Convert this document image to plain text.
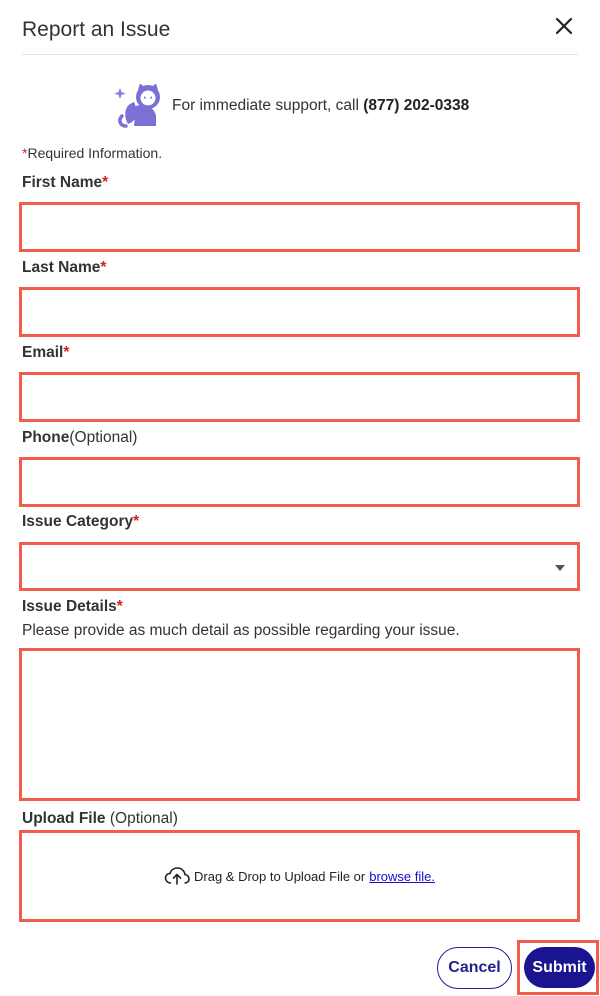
Report an Issue
For immediate support, call (877) 202-0338
*Required Information.
First Name*
Last Name*
Email*
Phone(Optional)
Issue Category*
Issue Details*
Please provide as much detail as possible regarding your issue.
Upload File (Optional)
Drag & Drop to Upload File or browse file.
Cancel	Submit
